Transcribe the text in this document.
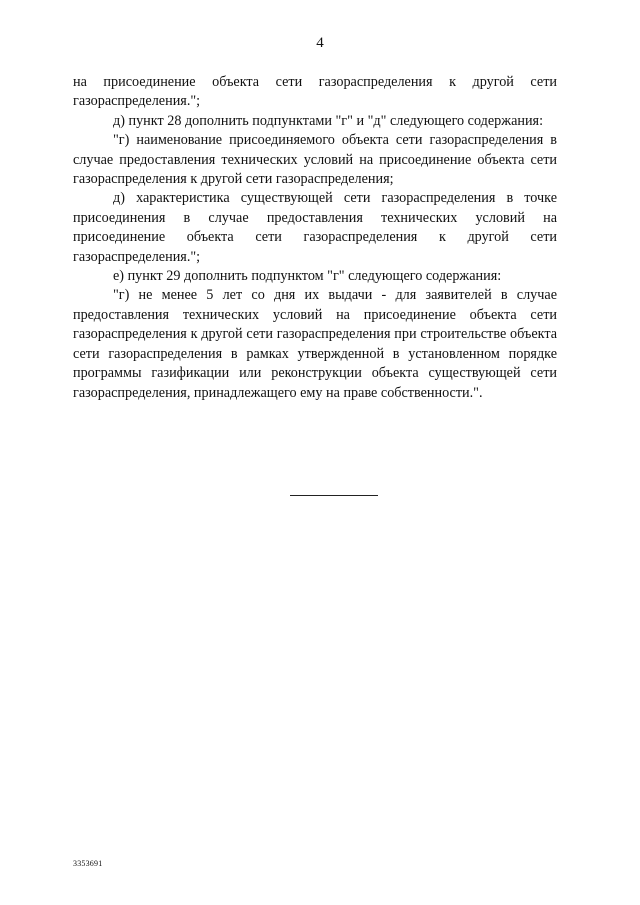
4

на присоединение объекта сети газораспределения к другой сети газораспределения.";

д) пункт 28 дополнить подпунктами "г" и "д" следующего содержания:

"г) наименование присоединяемого объекта сети газораспределения в случае предоставления технических условий на присоединение объекта сети газораспределения к другой сети газораспределения;

д) характеристика существующей сети газораспределения в точке присоединения в случае предоставления технических условий на присоединение объекта сети газораспределения к другой сети газораспределения.";

е) пункт 29 дополнить подпунктом "г" следующего содержания:

"г) не менее 5 лет со дня их выдачи - для заявителей в случае предоставления технических условий на присоединение объекта сети газораспределения к другой сети газораспределения при строительстве объекта сети газораспределения в рамках утвержденной в установленном порядке программы газификации или реконструкции объекта существующей сети газораспределения, принадлежащего ему на праве собственности.".

3353691
